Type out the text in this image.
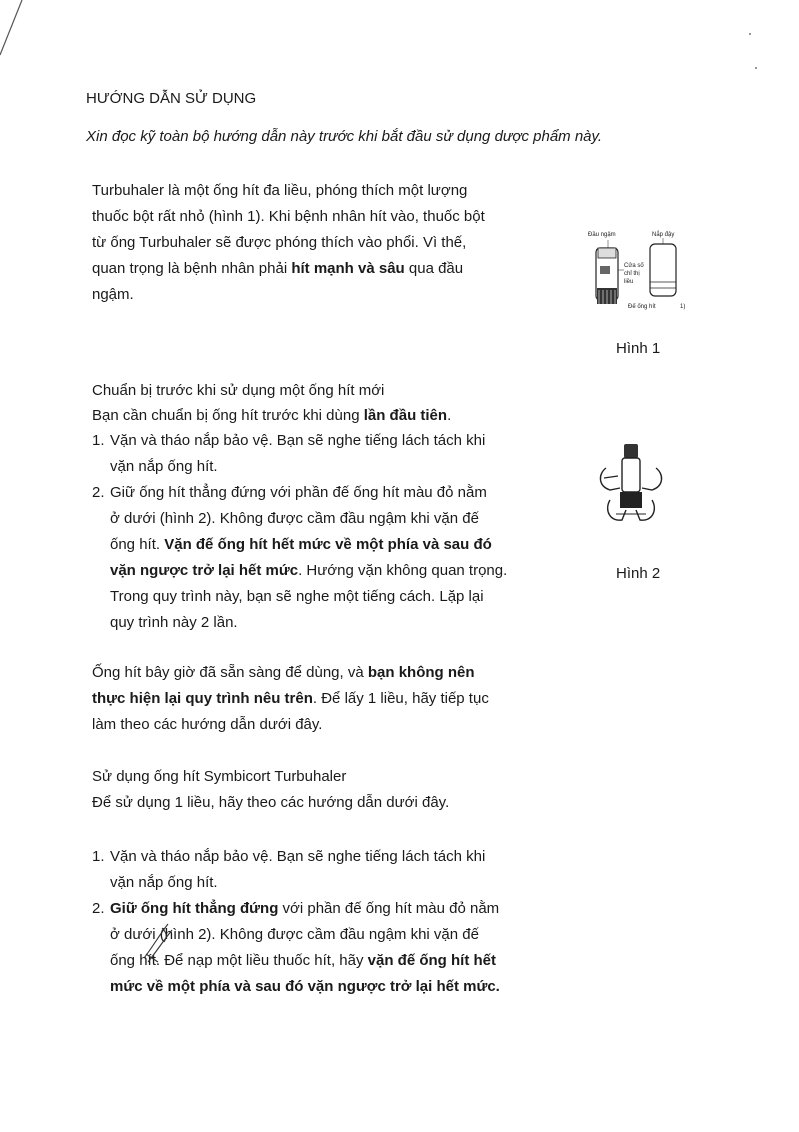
HƯỚNG DẪN SỬ DỤNG
Xin đọc kỹ toàn bộ hướng dẫn này trước khi bắt đầu sử dụng dược phẩm này.
Turbuhaler là một ống hít đa liều, phóng thích một lượng
thuốc bột rất nhỏ (hình 1). Khi bệnh nhân hít vào, thuốc bột
từ ống Turbuhaler sẽ được phóng thích vào phổi. Vì thế,
quan trọng là bệnh nhân phải hít mạnh và sâu qua đầu
ngậm.
Đầu ngậm	Nắp đậy
Cửa số
chỉ thị
liều
Đế ống hít	1)
Hình 1
Chuẩn bị trước khi sử dụng một ống hít mới
Bạn cần chuẩn bị ống hít trước khi dùng lần đầu tiên.
1. Vặn và tháo nắp bảo vệ. Bạn sẽ nghe tiếng lách tách khi
vặn nắp ống hít.
2. Giữ ống hít thẳng đứng với phần đế ống hít màu đỏ nằm
ở dưới (hình 2). Không được cầm đầu ngậm khi vặn đế
ống hít. Vặn đế ống hít hết mức về một phía và sau đó
vặn ngược trở lại hết mức. Hướng vặn không quan trọng.
Trong quy trình này, bạn sẽ nghe một tiếng cách. Lặp lại
quy trình này 2 lần.
Hình 2
Ống hít bây giờ đã sẵn sàng để dùng, và bạn không nên
thực hiện lại quy trình nêu trên. Để lấy 1 liều, hãy tiếp tục
làm theo các hướng dẫn dưới đây.
Sử dụng ống hít Symbicort Turbuhaler
Để sử dụng 1 liều, hãy theo các hướng dẫn dưới đây.
1. Vặn và tháo nắp bảo vệ. Bạn sẽ nghe tiếng lách tách khi
vặn nắp ống hít.
2. Giữ ống hít thẳng đứng với phần đế ống hít màu đỏ nằm
ở dưới (hình 2). Không được cầm đầu ngậm khi vặn đế
ống hít. Để nạp một liều thuốc hít, hãy vặn đế ống hít hết
mức về một phía và sau đó vặn ngược trở lại hết mức.
